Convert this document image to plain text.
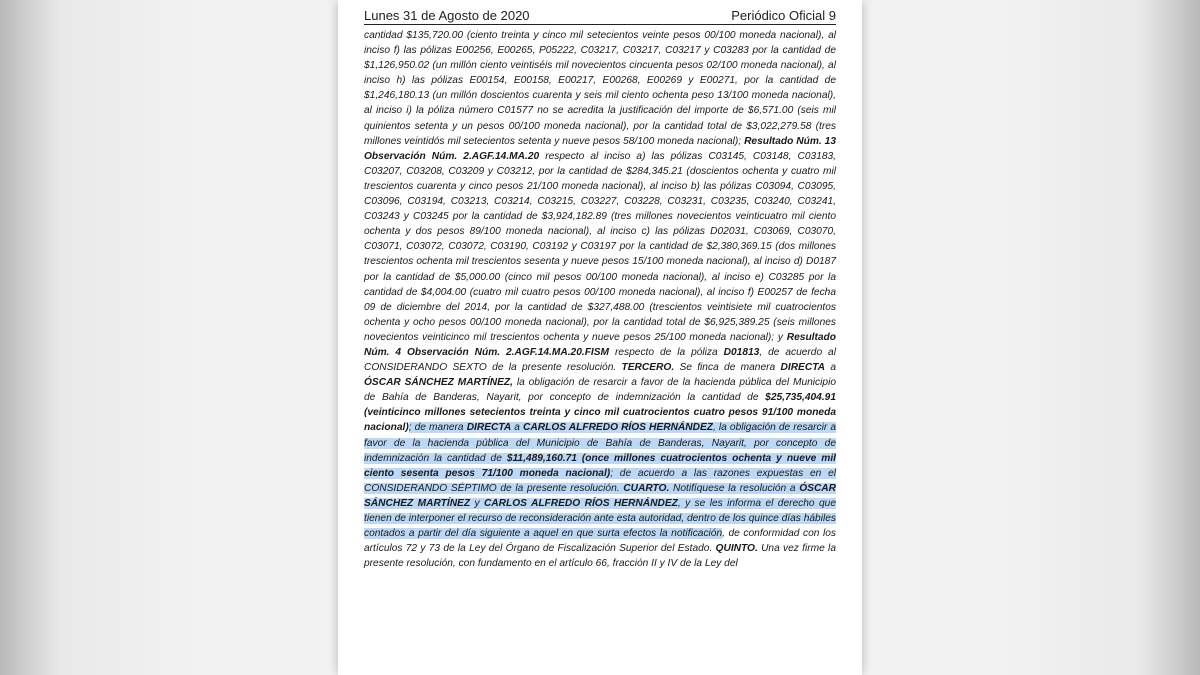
Lunes 31 de Agosto de 2020	Periódico Oficial 9

cantidad $135,720.00 (ciento treinta y cinco mil setecientos veinte pesos 00/100 moneda nacional), al inciso f) las pólizas E00256, E00265, P05222, C03217, C03217, C03217 y C03283 por la cantidad de $1,126,950.02 (un millón ciento veintiséis mil novecientos cincuenta pesos 02/100 moneda nacional), al inciso h) las pólizas E00154, E00158, E00217, E00268, E00269 y E00271, por la cantidad de $1,246,180.13 (un millón doscientos cuarenta y seis mil ciento ochenta peso 13/100 moneda nacional), al inciso i) la póliza número C01577 no se acredita la justificación del importe de $6,571.00 (seis mil quinientos setenta y un pesos 00/100 moneda nacional), por la cantidad total de $3,022,279.58 (tres millones veintidós mil setecientos setenta y nueve pesos 58/100 moneda nacional); Resultado Núm. 13 Observación Núm. 2.AGF.14.MA.20 respecto al inciso a) las pólizas C03145, C03148, C03183, C03207, C03208, C03209 y C03212, por la cantidad de $284,345.21 (doscientos ochenta y cuatro mil trescientos cuarenta y cinco pesos 21/100 moneda nacional), al inciso b) las pólizas C03094, C03095, C03096, C03194, C03213, C03214, C03215, C03227, C03228, C03231, C03235, C03240, C03241, C03243 y C03245 por la cantidad de $3,924,182.89 (tres millones novecientos veinticuatro mil ciento ochenta y dos pesos 89/100 moneda nacional), al inciso c) las pólizas D02031, C03069, C03070, C03071, C03072, C03072, C03190, C03192 y C03197 por la cantidad de $2,380,369.15 (dos millones trescientos ochenta mil trescientos sesenta y nueve pesos 15/100 moneda nacional), al inciso d) D0187 por la cantidad de $5,000.00 (cinco mil pesos 00/100 moneda nacional), al inciso e) C03285 por la cantidad de $4,004.00 (cuatro mil cuatro pesos 00/100 moneda nacional), al inciso f) E00257 de fecha 09 de diciembre del 2014, por la cantidad de $327,488.00 (trescientos veintisiete mil cuatrocientos ochenta y ocho pesos 00/100 moneda nacional), por la cantidad total de $6,925,389.25 (seis millones novecientos veinticinco mil trescientos ochenta y nueve pesos 25/100 moneda nacional); y Resultado Núm. 4 Observación Núm. 2.AGF.14.MA.20.FISM respecto de la póliza D01813, de acuerdo al CONSIDERANDO SEXTO de la presente resolución. TERCERO. Se finca de manera DIRECTA a ÓSCAR SÁNCHEZ MARTÍNEZ, la obligación de resarcir a favor de la hacienda pública del Municipio de Bahía de Banderas, Nayarit, por concepto de indemnización la cantidad de $25,735,404.91 (veinticinco millones setecientos treinta y cinco mil cuatrocientos cuatro pesos 91/100 moneda nacional); de manera DIRECTA a CARLOS ALFREDO RÍOS HERNÁNDEZ, la obligación de resarcir a favor de la hacienda pública del Municipio de Bahía de Banderas, Nayarit, por concepto de indemnización la cantidad de $11,489,160.71 (once millones cuatrocientos ochenta y nueve mil ciento sesenta pesos 71/100 moneda nacional); de acuerdo a las razones expuestas en el CONSIDERANDO SÉPTIMO de la presente resolución. CUARTO. Notifíquese la resolución a ÓSCAR SÁNCHEZ MARTÍNEZ y CARLOS ALFREDO RÍOS HERNÁNDEZ, y se les informa el derecho que tienen de interponer el recurso de reconsideración ante esta autoridad, dentro de los quince días hábiles contados a partir del día siguiente a aquel en que surta efectos la notificación, de conformidad con los artículos 72 y 73 de la Ley del Órgano de Fiscalización Superior del Estado. QUINTO. Una vez firme la presente resolución, con fundamento en el artículo 66, fracción II y IV de la Ley del
